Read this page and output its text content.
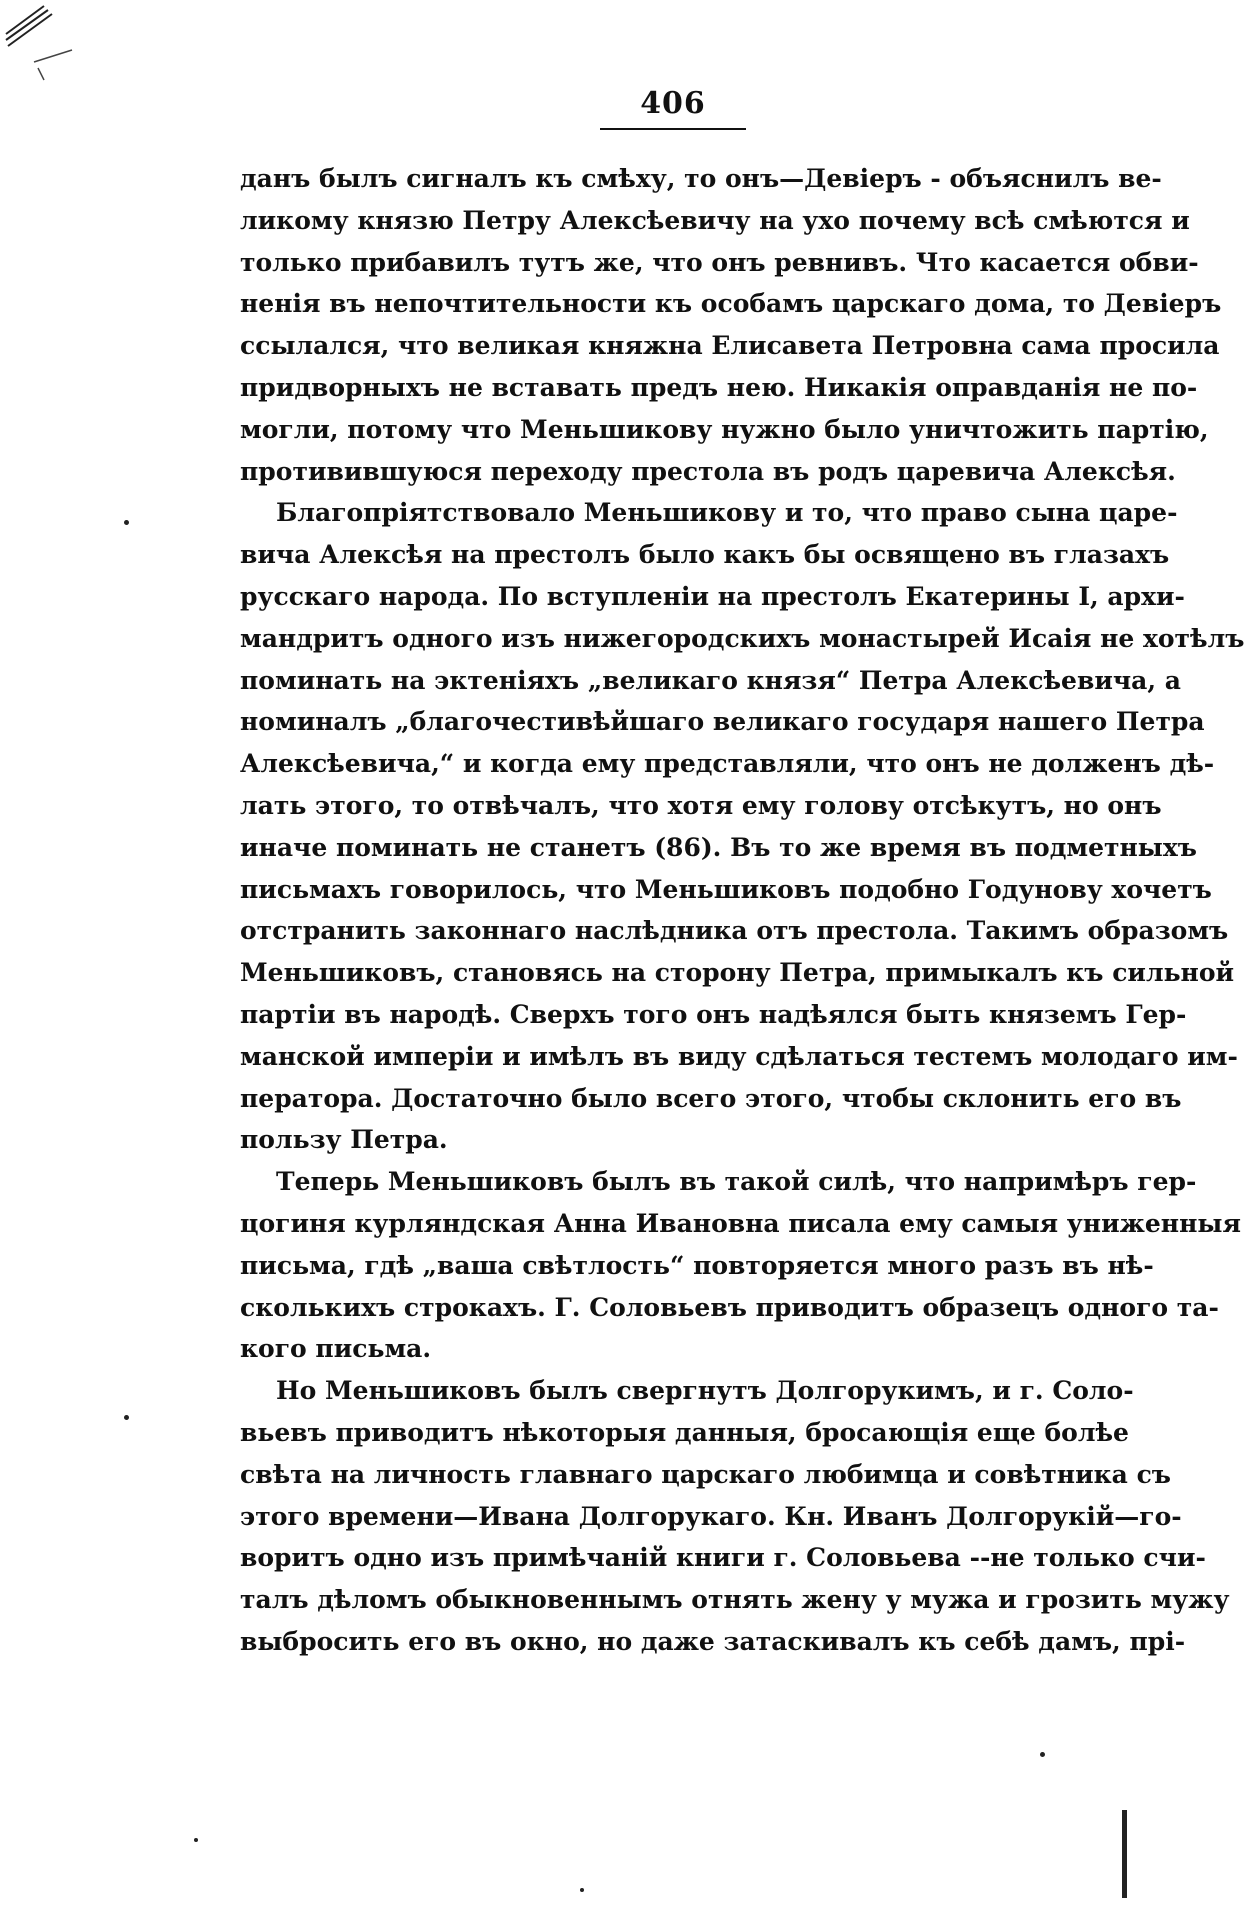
406
данъ былъ сигналъ къ смѣху, то онъ—Девіеръ - объяснилъ ве-
ликому князю Петру Алексѣевичу на ухо почему всѣ смѣются и
только прибавилъ тутъ же, что онъ ревнивъ. Что касается обви-
ненія въ непочтительности къ особамъ царскаго дома, то Девіеръ
ссылался, что великая княжна Елисавета Петровна сама просила
придворныхъ не вставать предъ нею. Никакія оправданія не по-
могли, потому что Меньшикову нужно было уничтожить партію,
противившуюся переходу престола въ родъ царевича Алексѣя.
Благопріятствовало Меньшикову и то, что право сына царе-
вича Алексѣя на престолъ было какъ бы освящено въ глазахъ
русскаго народа. По вступленіи на престолъ Екатерины I, архи-
мандритъ одного изъ нижегородскихъ монастырей Исаія не хотѣлъ
поминать на эктеніяхъ „великаго князя“ Петра Алексѣевича, а
номиналъ „благочестивѣйшаго великаго государя нашего Петра
Алексѣевича,“ и когда ему представляли, что онъ не долженъ дѣ-
лать этого, то отвѣчалъ, что хотя ему голову отсѣкутъ, но онъ
иначе поминать не станетъ (86). Въ то же время въ подметныхъ
письмахъ говорилось, что Меньшиковъ подобно Годунову хочетъ
отстранить законнаго наслѣдника отъ престола. Такимъ образомъ
Меньшиковъ, становясь на сторону Петра, примыкалъ къ сильной
партіи въ народѣ. Сверхъ того онъ надѣялся быть княземъ Гер-
манской имперіи и имѣлъ въ виду сдѣлаться тестемъ молодаго им-
ператора. Достаточно было всего этого, чтобы склонить его въ
пользу Петра.
Теперь Меньшиковъ былъ въ такой силѣ, что напримѣръ гер-
цогиня курляндская Анна Ивановна писала ему самыя униженныя
письма, гдѣ „ваша свѣтлость“ повторяется много разъ въ нѣ-
сколькихъ строкахъ. Г. Соловьевъ приводитъ образецъ одного та-
кого письма.
Но Меньшиковъ былъ свергнутъ Долгорукимъ, и г. Соло-
вьевъ приводитъ нѣкоторыя данныя, бросающія еще болѣе
свѣта на личность главнаго царскаго любимца и совѣтника съ
этого времени—Ивана Долгорукаго. Кн. Иванъ Долгорукій—го-
воритъ одно изъ примѣчаній книги г. Соловьева --не только счи-
талъ дѣломъ обыкновеннымъ отнять жену у мужа и грозить мужу
выбросить его въ окно, но даже затаскивалъ къ себѣ дамъ, прі-
